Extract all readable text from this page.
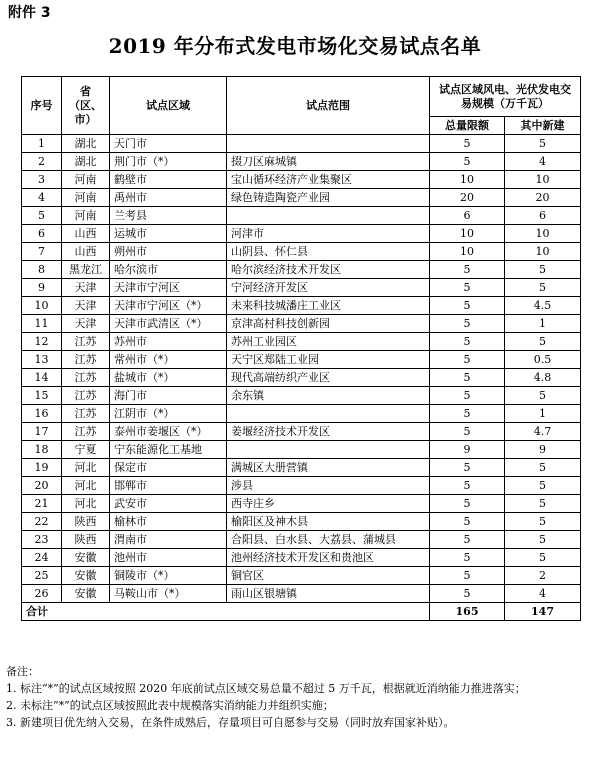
附件 3
2019 年分布式发电市场化交易试点名单
序号	省（区、市）	试点区域	试点范围	试点区域风电、光伏发电交易规模（万千瓦）	
				总量限额	其中新建
1	湖北	天门市		5	5
2	湖北	荆门市（*）	掇刀区麻城镇	5	4
3	河南	鹤壁市	宝山循环经济产业集聚区	10	10
4	河南	禹州市	绿色铸造陶瓷产业园	20	20
5	河南	兰考县		6	6
6	山西	运城市	河津市	10	10
7	山西	朔州市	山阴县、怀仁县	10	10
8	黑龙江	哈尔滨市	哈尔滨经济技术开发区	5	5
9	天津	天津市宁河区	宁河经济开发区	5	5
10	天津	天津市宁河区（*）	未来科技城潘庄工业区	5	4.5
11	天津	天津市武清区（*）	京津高村科技创新园	5	1
12	江苏	苏州市	苏州工业园区	5	5
13	江苏	常州市（*）	天宁区郑陆工业园	5	0.5
14	江苏	盐城市（*）	现代高端纺织产业区	5	4.8
15	江苏	海门市	余东镇	5	5
16	江苏	江阴市（*）		5	1
17	江苏	泰州市姜堰区（*）	姜堰经济技术开发区	5	4.7
18	宁夏	宁东能源化工基地		9	9
19	河北	保定市	满城区大册营镇	5	5
20	河北	邯郸市	涉县	5	5
21	河北	武安市	西寺庄乡	5	5
22	陕西	榆林市	榆阳区及神木县	5	5
23	陕西	渭南市	合阳县、白水县、大荔县、蒲城县	5	5
24	安徽	池州市	池州经济技术开发区和贵池区	5	5
25	安徽	铜陵市（*）	铜官区	5	2
26	安徽	马鞍山市（*）	雨山区银塘镇	5	4
合计				165	147
备注：
1. 标注“*”的试点区域按照 2020 年底前试点区域交易总量不超过 5 万千瓦，根据就近消纳能力推进落实；
2. 未标注“*”的试点区域按照此表中规模落实消纳能力并组织实施；
3. 新建项目优先纳入交易，在条件成熟后，存量项目可自愿参与交易（同时放弃国家补贴）。
